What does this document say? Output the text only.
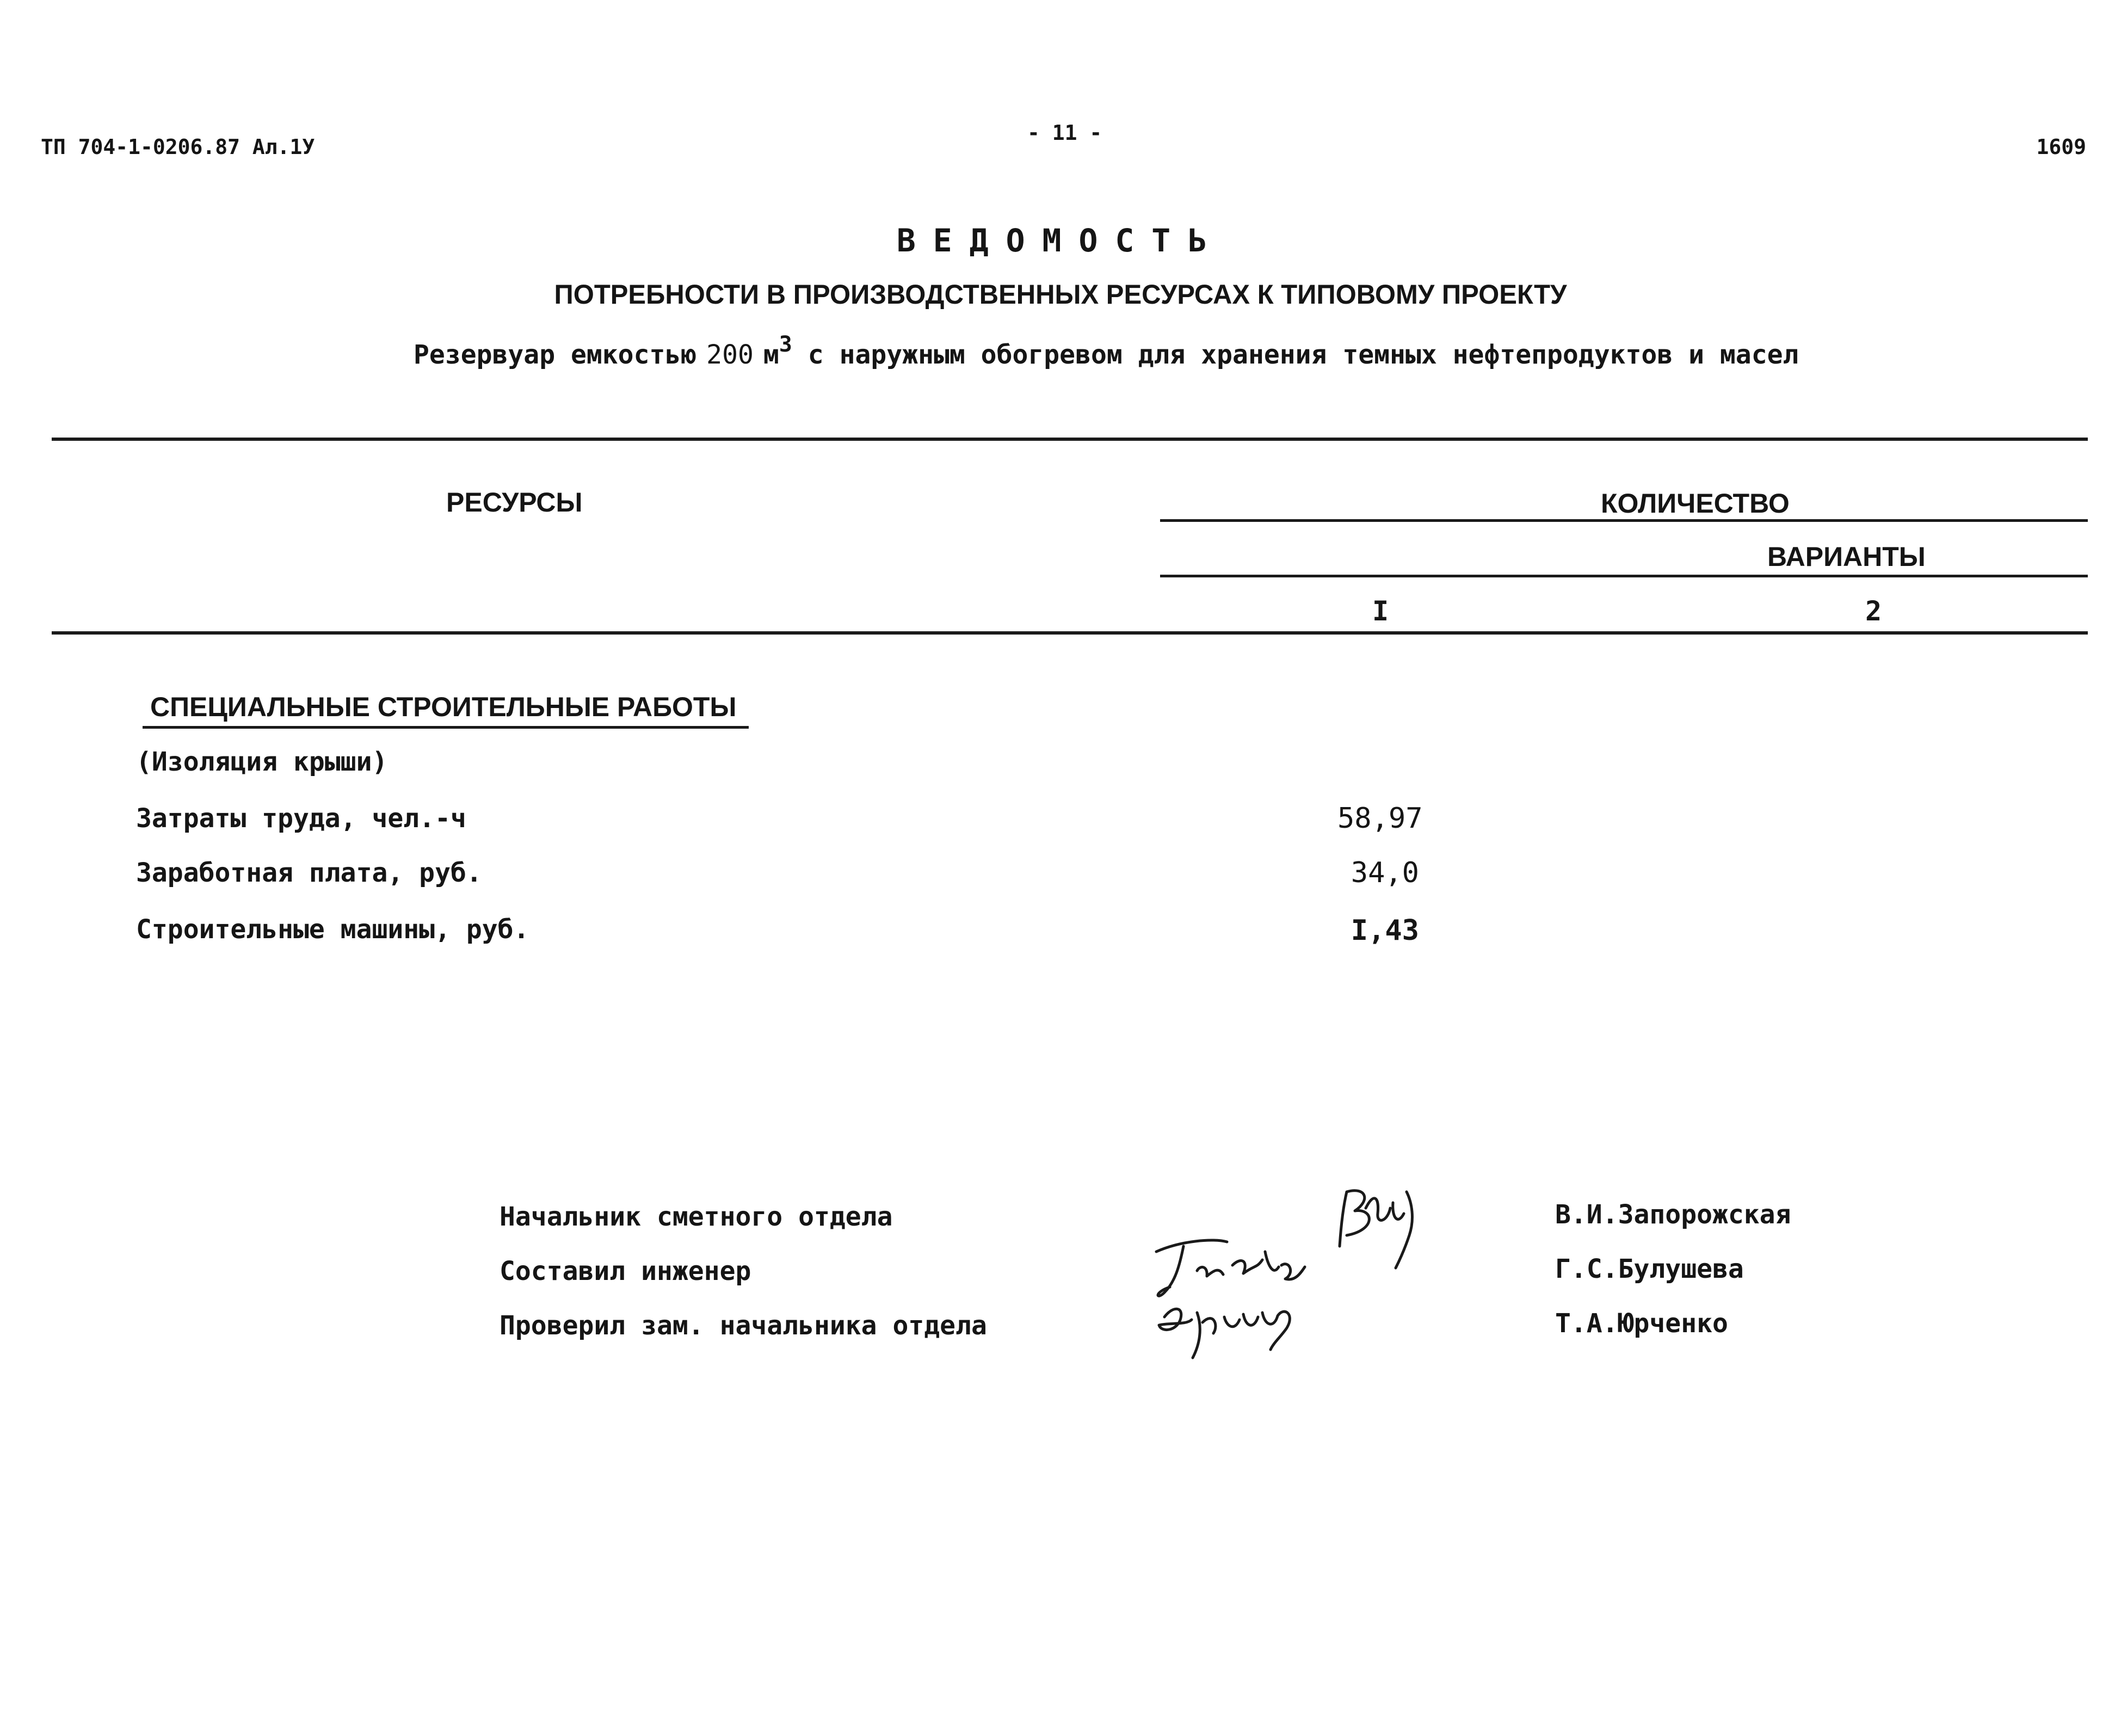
ТП 704-1-0206.87 Ал.1У
- 11 -
1609
ВЕДОМОСТЬ
ПОТРЕБНОСТИ В ПРОИЗВОДСТВЕННЫХ РЕСУРСАХ К ТИПОВОМУ ПРОЕКТУ
Резервуар емкостью 200 $м^3$ с наружным обогревом для хранения темных нефтепродуктов и масел
РЕСУРСЫ	КОЛИЧЕСТВО
ВАРИАНТЫ
I	2
СПЕЦИАЛЬНЫЕ СТРОИТЕЛЬНЫЕ РАБОТЫ
(Изоляция крыши)
Затраты труда, чел.-ч	58,97
Заработная плата, руб.	34,0
Строительные машины, руб.	I,43
Начальник сметного отдела
Составил инженер
Проверил зам. начальника отдела
В.И.Запорожская
Г.С.Булушева
Т.А.Юрченко
